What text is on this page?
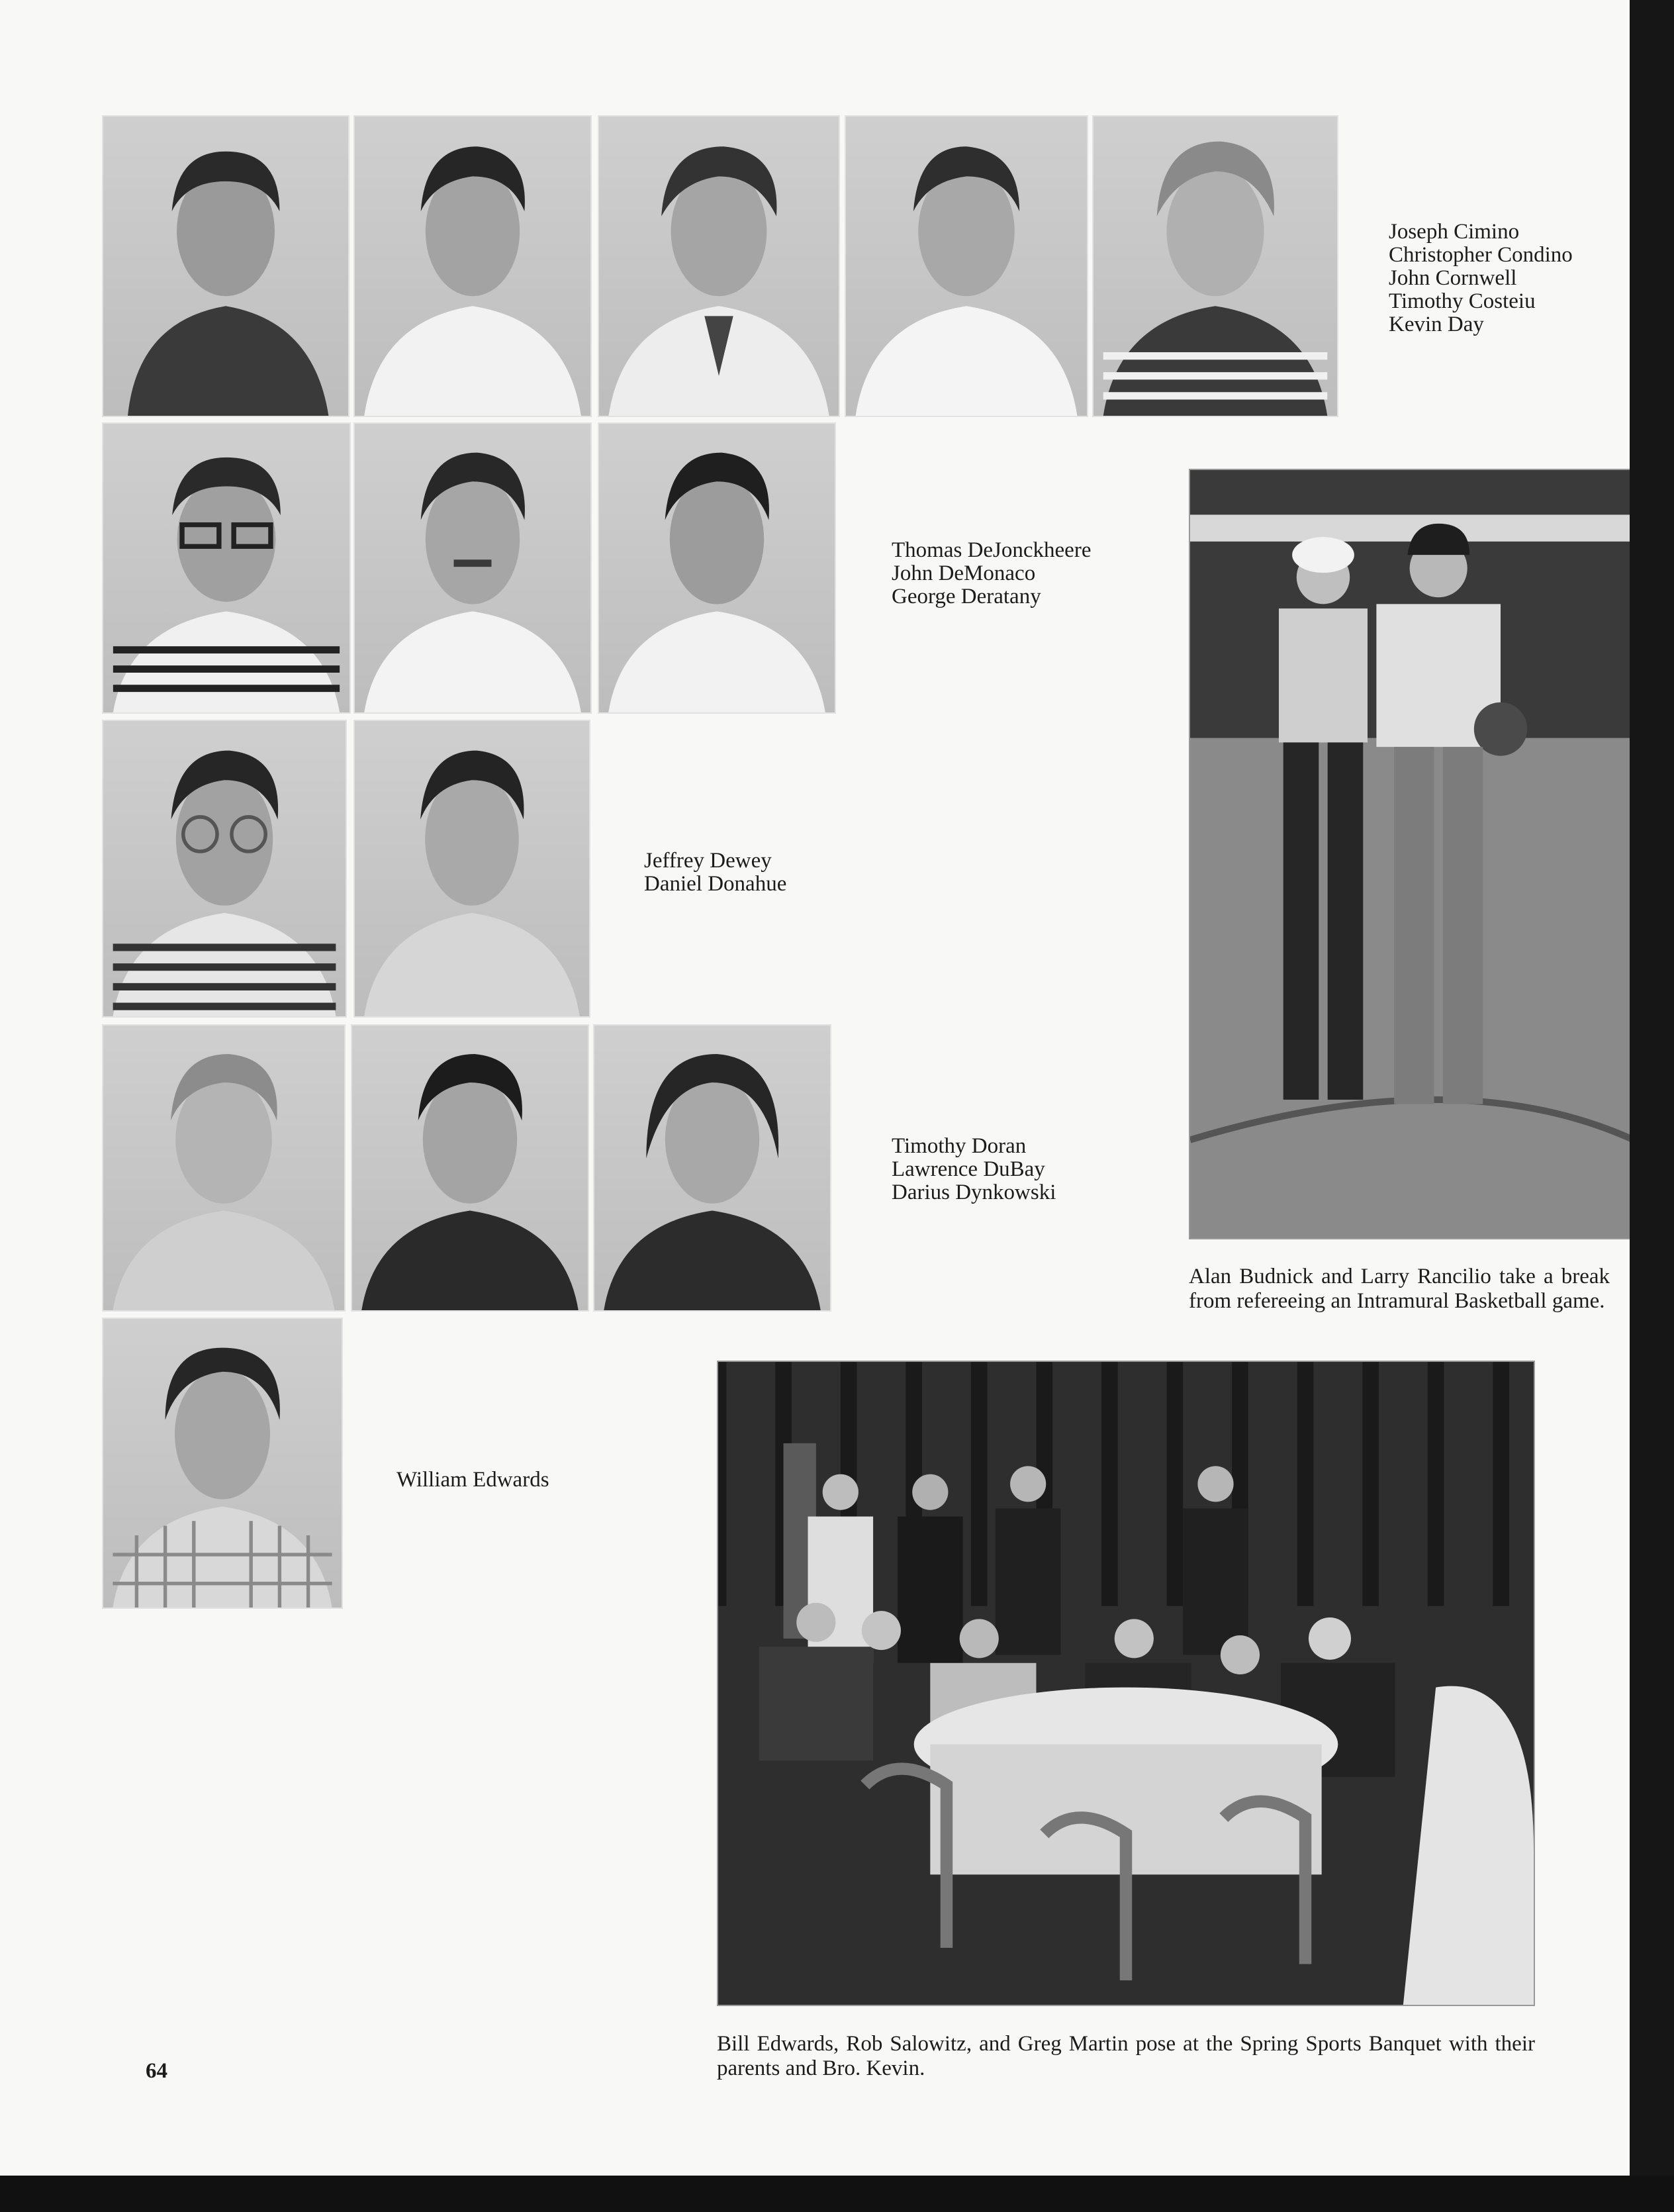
Joseph Cimino
Christopher Condino
John Cornwell
Timothy Costeiu
Kevin Day
Thomas DeJonckheere
John DeMonaco
George Deratany

Alan Budnick and Larry Rancilio take a break from refereeing an Intramural Basketball game.

Jeffrey Dewey
Daniel Donahue
Timothy Doran
Lawrence DuBay
Darius Dynkowski
William Edwards

Bill Edwards, Rob Salowitz, and Greg Martin pose at the Spring Sports Banquet with their parents and Bro. Kevin.

64
